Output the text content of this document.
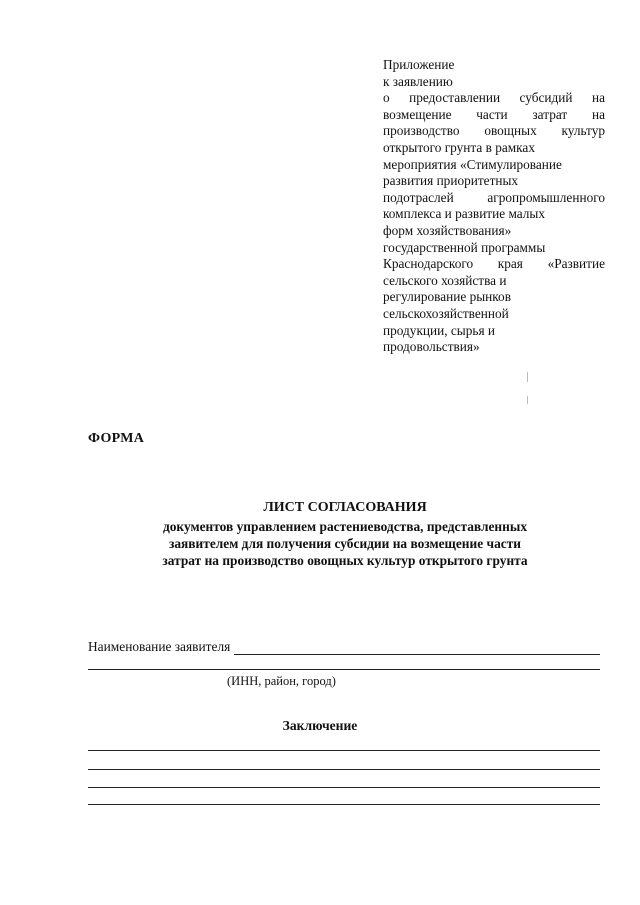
Приложение
к заявлению
о предоставлении субсидий на
возмещение части затрат на
производство овощных культур
открытого грунта в рамках
мероприятия «Стимулирование
развития приоритетных
подотраслей агропромышленного
комплекса и развитие малых
форм хозяйствования»
государственной программы
Краснодарского края «Развитие
сельского хозяйства и
регулирование рынков
сельскохозяйственной
продукции, сырья и
продовольствия»
ФОРМА
ЛИСТ СОГЛАСОВАНИЯ
документов управлением растениеводства, представленных
заявителем для получения субсидии на возмещение части
затрат на производство овощных культур открытого грунта
Наименование заявителя
(ИНН, район, город)
Заключение
